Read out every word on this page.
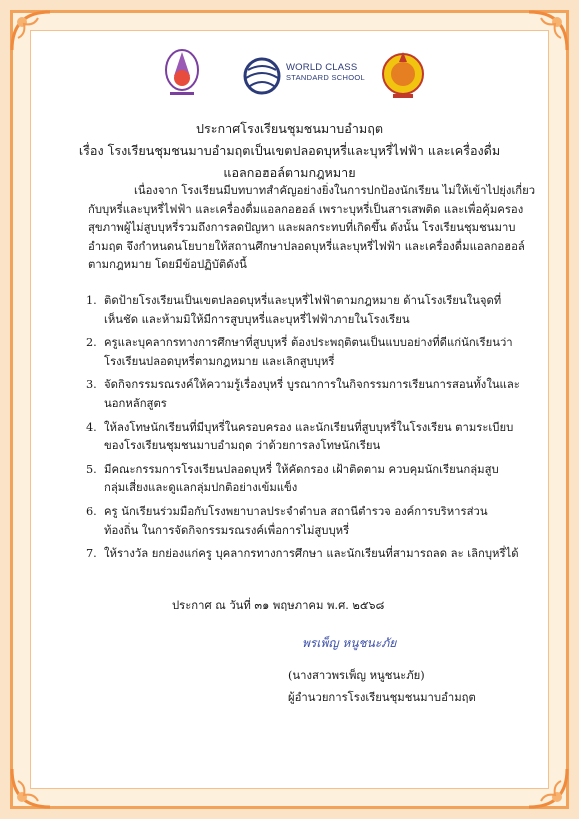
WORLD CLASS
STANDARD SCHOOL
ประกาศโรงเรียนชุมชนมาบอำมฤต
เรื่อง โรงเรียนชุมชนมาบอำมฤตเป็นเขตปลอดบุหรี่และบุหรี่ไฟฟ้า และเครื่องดื่ม
แอลกอฮอล์ตามกฎหมาย
เนื่องจาก โรงเรียนมีบทบาทสำคัญอย่างยิ่งในการปกป้องนักเรียน ไม่ให้เข้าไปยุ่งเกี่ยว
กับบุหรี่และบุหรี่ไฟฟ้า และเครื่องดื่มแอลกอฮอล์ เพราะบุหรี่เป็นสารเสพติด และเพื่อคุ้มครอง
สุขภาพผู้ไม่สูบบุหรี่รวมถึงการลดปัญหา และผลกระทบที่เกิดขึ้น ดังนั้น โรงเรียนชุมชนมาบ
อำมฤต จึงกำหนดนโยบายให้สถานศึกษาปลอดบุหรี่และบุหรี่ไฟฟ้า และเครื่องดื่มแอลกอฮอล์
ตามกฎหมาย โดยมีข้อปฏิบัติดังนี้
1. ติดป้ายโรงเรียนเป็นเขตปลอดบุหรี่และบุหรี่ไฟฟ้าตามกฎหมาย ด้านโรงเรียนในจุดที่
เห็นชัด และห้ามมิให้มีการสูบบุหรี่และบุหรี่ไฟฟ้าภายในโรงเรียน
2. ครูและบุคลากรทางการศึกษาที่สูบบุหรี่ ต้องประพฤติตนเป็นแบบอย่างที่ดีแก่นักเรียนว่า
โรงเรียนปลอดบุหรี่ตามกฎหมาย และเลิกสูบบุหรี่
3. จัดกิจกรรมรณรงค์ให้ความรู้เรื่องบุหรี่ บูรณาการในกิจกรรมการเรียนการสอนทั้งในและ
นอกหลักสูตร
4. ให้ลงโทษนักเรียนที่มีบุหรี่ในครอบครอง และนักเรียนที่สูบบุหรี่ในโรงเรียน ตามระเบียบ
ของโรงเรียนชุมชนมาบอำมฤต ว่าด้วยการลงโทษนักเรียน
5. มีคณะกรรมการโรงเรียนปลอดบุหรี่ ให้คัดกรอง เฝ้าติดตาม ควบคุมนักเรียนกลุ่มสูบ
กลุ่มเสี่ยงและดูแลกลุ่มปกติอย่างเข้มแข็ง
6. ครู นักเรียนร่วมมือกับโรงพยาบาลประจำตำบล สถานีตำรวจ องค์การบริหารส่วน
ท้องถิ่น ในการจัดกิจกรรมรณรงค์เพื่อการไม่สูบบุหรี่
7. ให้รางวัล ยกย่องแก่ครู บุคลากรทางการศึกษา และนักเรียนที่สามารถลด ละ เลิกบุหรี่ได้
ประกาศ ณ วันที่ ๓๑ พฤษภาคม พ.ศ. ๒๕๖๘
พรเพ็ญ หนูชนะภัย
(นางสาวพรเพ็ญ หนูชนะภัย)
ผู้อำนวยการโรงเรียนชุมชนมาบอำมฤต
